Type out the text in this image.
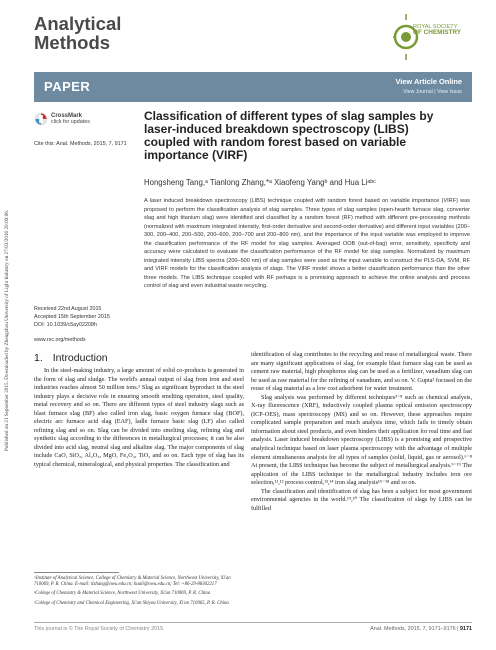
Published on 21 September 2015. Downloaded by Zhengzhou University of Light Industry on 27/03/2016 20:00:06.
Analytical
Methods
ROYAL SOCIETY
OF CHEMISTRY
PAPER	View Article Online
View Journal | View Issue
CrossMark
click for updates
Cite this: Anal. Methods, 2015, 7, 9171
Classification of different types of slag samples by laser-induced breakdown spectroscopy (LIBS) coupled with random forest based on variable importance (VIRF)
Hongsheng Tang,ᵃ Tianlong Zhang,*ᵃ Xiaofeng Yangᵇ and Hua Liᵃᵇᶜ
A laser induced breakdown spectroscopy (LIBS) technique coupled with random forest based on variable importance (VIRF) was proposed to perform the classification analysis of slag samples. Three types of slag samples (open-hearth furnace slag, converter slag and high titanium slag) were identified and classified by a random forest (RF) method with different pre-processing methods (normalized with maximum integrated intensity, first-order derivative and second-order derivative) and different input variables (200–300, 200–400, 200–500, 200–600, 200–700 and 200–800 nm), and the importance of the input variable was employed to improve the classification performance of the RF model for slag samples. Averaged OOB (out-of-bag) error, sensitivity, specificity and accuracy were calculated to evaluate the classification performance of the RF model for slag samples. Normalized by maximum integrated intensity LIBS spectra (200–500 nm) of slag samples were used as the input variable to construct the PLS-DA, SVM, RF and VIRF models for the classification analysis of slags. The VIRF model shows a better classification performance than the other three models. The LIBS technique coupled with RF perhaps is a promising approach to achieve the online analysis and process control of slag and even industrial waste recycling.
Received 22nd August 2015
Accepted 15th September 2015
DOI: 10.1039/c5ay02208h
www.rsc.org/methods
1. Introduction

In the steel-making industry, a large amount of solid co-products is generated in the form of slag and sludge. The world's annual output of slag from iron and steel industries reaches almost 50 million tons.¹ Slag as significant byproduct in the steel industry plays a decisive role in ensuring smooth smelting operation, steel quality, metal recovery and so on. There are different types of steel industry slags such as blast furnace slag (BF) also called iron slag, basic oxygen furnace slag (BOF), electric arc furnace acid slag (EAF), ladle furnace basic slag (LF) also called refining slag and so on. Slag can be divided into smelting slag, refining slag and synthetic slag according to the differences in metallurgical processes; it can be also divided into acid slag, neutral slag and alkaline slag. The major components of slag include CaO, SiO₂, Al₂O₃, MgO, Fe₂O₃, TiO₂ and so on. Each type of slag has its typical chemical, mineralogical, and physical properties. The classification and

identification of slag contributes to the recycling and reuse of metallurgical waste. There are many significant applications of slag, for example blast furnace slag can be used as cement raw material, high phosphorus slag can be used as a fertilizer, vanadium slag can be used as raw material for the refining of vanadium, and so on. V. Gupta² focused on the reuse of slag material as a low cost adsorbent for water treatment.

Slag analysis was performed by different techniques³⁻⁸ such as chemical analysis, X-ray fluorescence (XRF), inductively coupled plasma optical emission spectroscopy (ICP-OES), mass spectroscopy (MS) and so on. However, these approaches require complicated sample preparation and much analysis time, which fails to timely obtain information about steel products, and even hinders their application for real time and fast analysis. Laser induced breakdown spectroscopy (LIBS) is a promising and prospective analytical technique based on laser plasma spectroscopy with the advantage of multiple element simultaneous analysis for all types of samples (solid, liquid, gas or aerosol).⁶⁻⁸ At present, the LIBS technique has become the subject of metallurgical analysis.⁹⁻¹⁹ The application of the LIBS technique to the metallurgical industry includes iron ore selection,¹¹,¹² process control,¹³,¹⁴ iron slag analysis¹⁵⁻¹⁸ and so on.

The classification and identification of slag has been a subject for most government environmental agencies in the world.¹⁹,²⁰ The classification of slags by LIBS can be fulfilled

ᵃInstitute of Analytical Science, College of Chemistry & Material Science, Northwest University, Xi'an 710069, P. R. China. E-mail: tlzhang@nwu.edu.cn; huali@nwu.edu.cn; Tel: +86-29-88302217
ᵇCollege of Chemistry & Material Science, Northwest University, Xi'an 710069, P. R. China
ᶜCollege of Chemistry and Chemical Engineering, Xi'an Shiyou University, Xi'an 710065, P. R. China
This journal is © The Royal Society of Chemistry 2015	Anal. Methods, 2015, 7, 9171–9176 | 9171
